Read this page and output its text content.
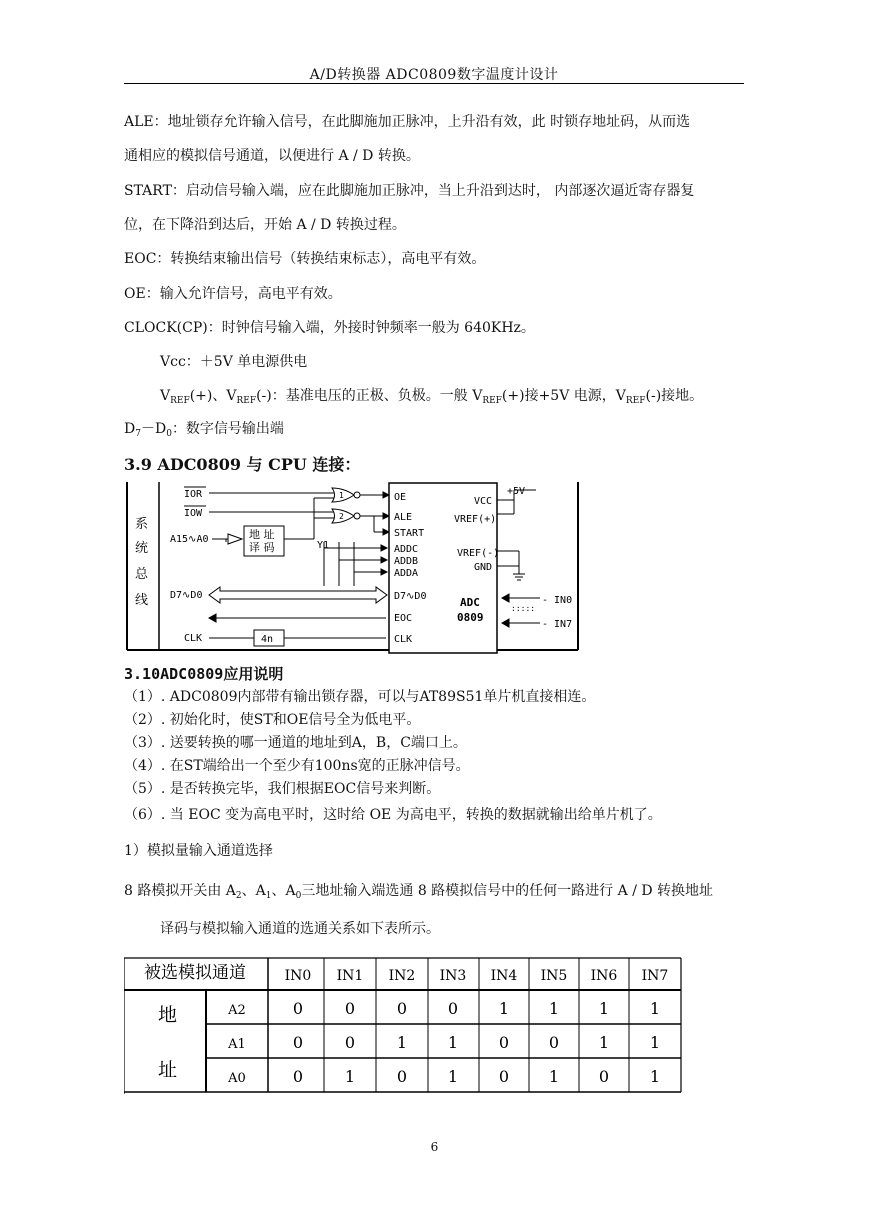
A/D转换器 ADC0809数字温度计设计
ALE：地址锁存允许输入信号，在此脚施加正脉冲，上升沿有效，此 时锁存地址码，从而选
通相应的模拟信号通道，以便进行 A / D 转换。
START：启动信号输入端，应在此脚施加正脉冲，当上升沿到达时， 内部逐次逼近寄存器复
位，在下降沿到达后，开始 A / D 转换过程。
EOC：转换结束输出信号（转换结束标志），高电平有效。
OE：输入允许信号，高电平有效。
CLOCK(CP)：时钟信号输入端，外接时钟频率一般为 640KHz。
Vcc：＋5V 单电源供电
$V_{REF}(+)$、$V_{REF}(-)$：基准电压的正极、负极。一般 $V_{REF}(+)$接+5V 电源，$V_{REF}(-)$接地。
$D_7-D_0$：数字信号输出端
3.9 ADC0809 与 CPU 连接：
系
统
总
线
IOR
IOW
A15∿A0
D7∿D0
CLK
Y1
地 址
译 码
1
2
4n
OE
ALE
START
ADDC
ADDB
ADDA
D7∿D0
EOC
CLK
VCC
VREF(+)
VREF(-)
GND
ADC
0809
+5V
- IN0
- IN7
:::::
3.10ADC0809应用说明
（1）. ADC0809内部带有输出锁存器，可以与AT89S51单片机直接相连。
（2）. 初始化时，使ST和OE信号全为低电平。
（3）. 送要转换的哪一通道的地址到A，B，C端口上。
（4）. 在ST端给出一个至少有100ns宽的正脉冲信号。
（5）. 是否转换完毕，我们根据EOC信号来判断。
（6）. 当 EOC 变为高电平时，这时给 OE 为高电平，转换的数据就输出给单片机了。
1）模拟量输入通道选择
8 路模拟开关由 $A_2$、$A_1$、$A_0$三地址输入端选通 8 路模拟信号中的任何一路进行 A / D 转换地址
译码与模拟输入通道的选通关系如下表所示。
被选模拟通道
地
址
IN0 IN1 IN2 IN3 IN4 IN5 IN6 IN7
A2	0	0	0	0	1 1 1	1
A1	0	0	1	1	0 0 1	1
A0	0	1	0	1	0 1 0	1
6
